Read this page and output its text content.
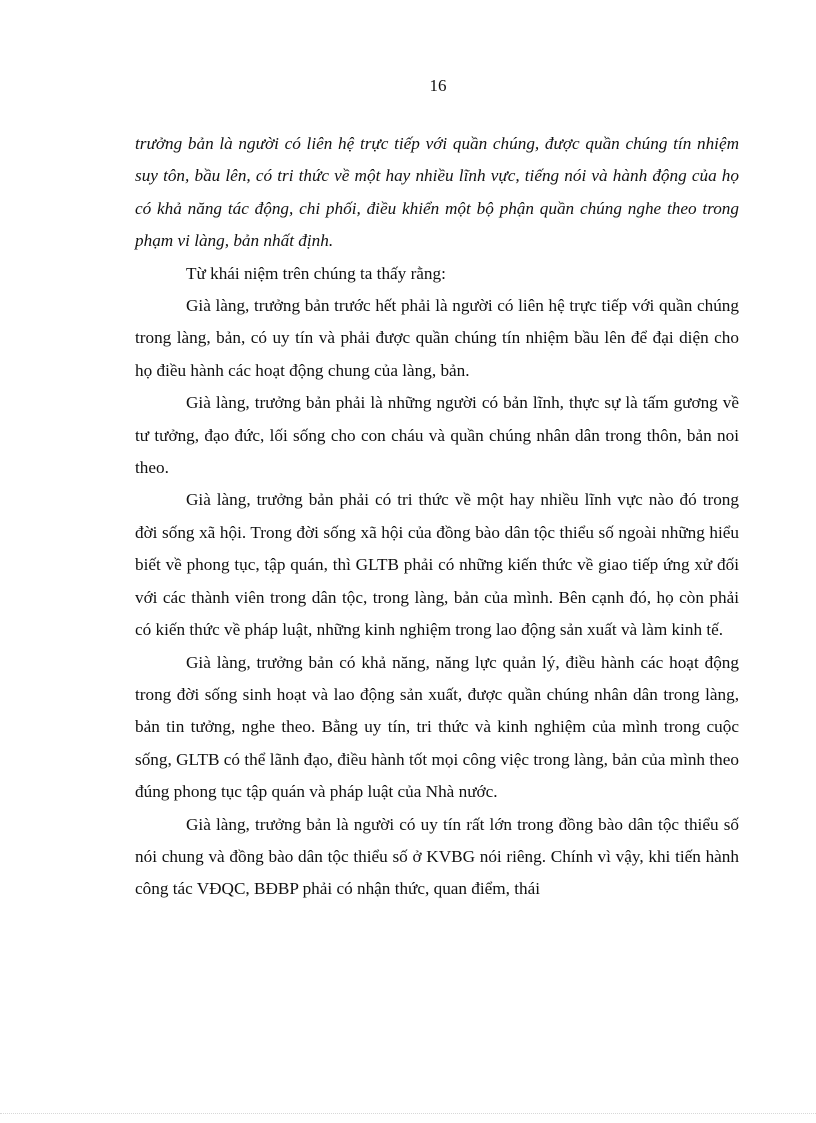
16

trưởng bản là người có liên hệ trực tiếp với quần chúng, được quần chúng tín nhiệm suy tôn, bầu lên, có tri thức về một hay nhiều lĩnh vực, tiếng nói và hành động của họ có khả năng tác động, chi phối, điều khiển một bộ phận quần chúng nghe theo trong phạm vi làng, bản nhất định.

Từ khái niệm trên chúng ta thấy rằng:

Già làng, trưởng bản trước hết phải là người có liên hệ trực tiếp với quần chúng trong làng, bản, có uy tín và phải được quần chúng tín nhiệm bầu lên để đại diện cho họ điều hành các hoạt động chung của làng, bản.

Già làng, trưởng bản phải là những người có bản lĩnh, thực sự là tấm gương về tư tưởng, đạo đức, lối sống cho con cháu và quần chúng nhân dân trong thôn, bản noi theo.

Già làng, trưởng bản phải có tri thức về một hay nhiều lĩnh vực nào đó trong đời sống xã hội. Trong đời sống xã hội của đồng bào dân tộc thiểu số ngoài những hiểu biết về phong tục, tập quán, thì GLTB phải có những kiến thức về giao tiếp ứng xử đối với các thành viên trong dân tộc, trong làng, bản của mình. Bên cạnh đó, họ còn phải có kiến thức về pháp luật, những kinh nghiệm trong lao động sản xuất và làm kinh tế.

Già làng, trưởng bản có khả năng, năng lực quản lý, điều hành các hoạt động trong đời sống sinh hoạt và lao động sản xuất, được quần chúng nhân dân trong làng, bản tin tưởng, nghe theo. Bằng uy tín, tri thức và kinh nghiệm của mình trong cuộc sống, GLTB có thể lãnh đạo, điều hành tốt mọi công việc trong làng, bản của mình theo đúng phong tục tập quán và pháp luật của Nhà nước.

Già làng, trưởng bản là người có uy tín rất lớn trong đồng bào dân tộc thiểu số nói chung và đồng bào dân tộc thiểu số ở KVBG nói riêng. Chính vì vậy, khi tiến hành công tác VĐQC, BĐBP phải có nhận thức, quan điểm, thái
